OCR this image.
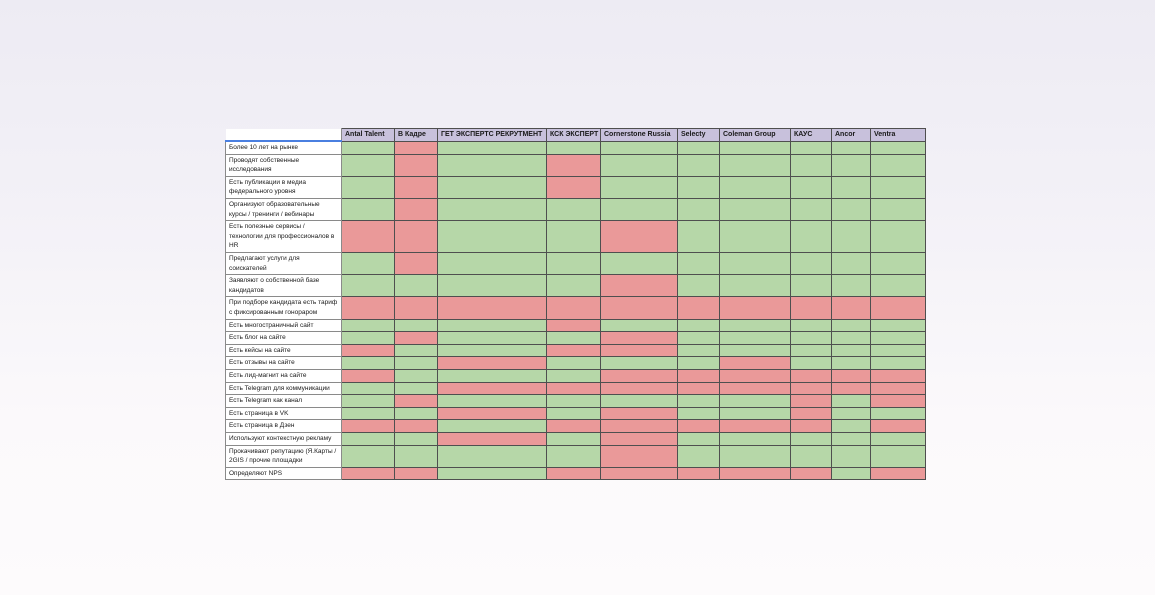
	Antal Talent	В Кадре	ГЕТ ЭКСПЕРТС РЕКРУТМЕНТ	КСК ЭКСПЕРТ	Cornerstone Russia	Selecty	Coleman Group	КАУС	Ancor	Ventra
Более 10 лет на рынке										
Проводят собственные исследования										
Есть публикации в медиа федерального уровня										
Организуют образовательные курсы / тренинги / вебинары										
Есть полезные сервисы / технологии для профессионалов в HR										
Предлагают услуги для соискателей										
Заявляют о собственной базе кандидатов										
При подборе кандидата есть тариф с фиксированным гонораром										
Есть многостраничный сайт										
Есть блог на сайте										
Есть кейсы на сайте										
Есть отзывы на сайте										
Есть лид-магнит на сайте										
Есть Telegram для коммуникации										
Есть Telegram как канал										
Есть страница в VK										
Есть страница в Дзен										
Используют контекстную рекламу										
Прокачивают репутацию (Я.Карты / 2GIS / прочие площадки										
Определяют NPS										
